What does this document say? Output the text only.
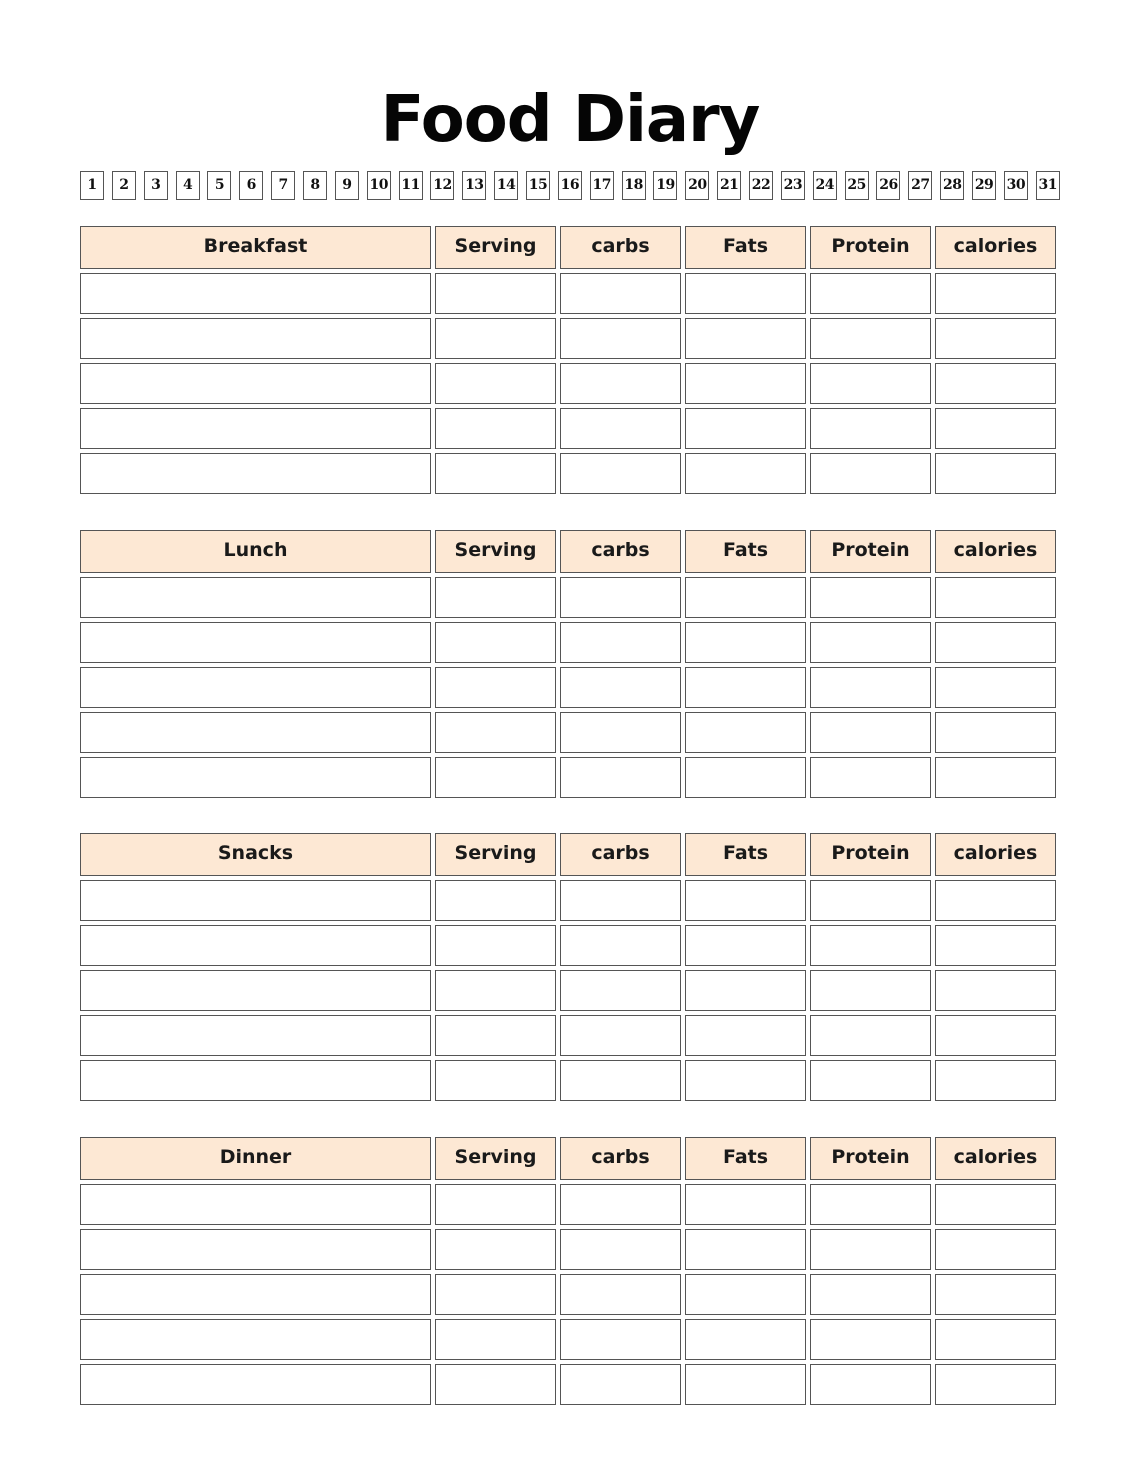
Food Diary
1	2	3	4	5	6	7	8	9	10 11 12 13 14 15 16 17 18 19 20 21 22 23 24 25 26 27 28 29 30 31
Breakfast	Serving	carbs	Fats	Protein	calories
Lunch	Serving	carbs	Fats	Protein	calories
Snacks	Serving	carbs	Fats	Protein	calories
Dinner	Serving	carbs	Fats	Protein	calories
